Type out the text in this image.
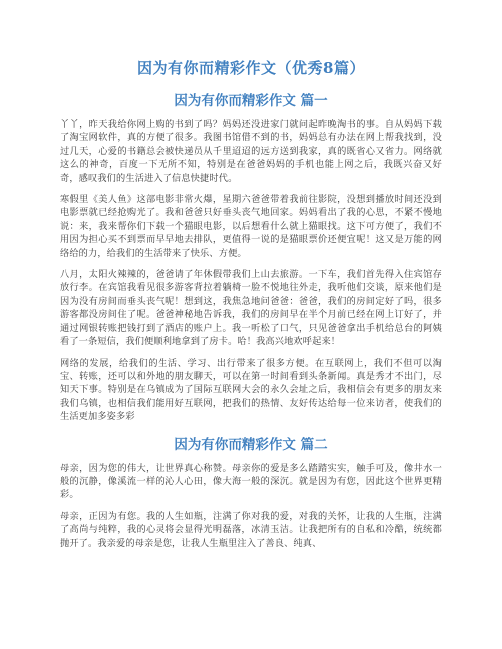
因为有你而精彩作文（优秀8篇）
因为有你而精彩作文 篇一

丫丫，昨天我给你网上购的书到了吗？妈妈还没进家门就问起昨晚淘书的事。自从妈妈下载了淘宝网软件，真的方便了很多。我图书馆借不到的书，妈妈总有办法在网上帮我找到，没过几天，心爱的书籍总会被快递员从千里迢迢的远方送到我家，真的既省心又省力。网络就这么的神奇，百度一下无所不知，特别是在爸爸妈妈的手机也能上网之后，我既兴奋又好奇，感叹我们的生活进入了信息快捷时代。

寒假里《美人鱼》这部电影非常火爆，星期六爸爸带着我前往影院，没想到播放时间还没到电影票就已经抢购光了。我和爸爸只好垂头丧气地回家。妈妈看出了我的心思，不紧不慢地说：来，我来帮你们下载一个猫眼电影，以后想看什么就上猫眼找。这下可方便了，我们不用因为担心买不到票而早早地去排队，更值得一说的是猫眼票价还便宜呢！这又是万能的网络给的力，给我们的生活带来了快乐、方便。

八月，太阳火辣辣的，爸爸请了年休假带我们上山去旅游。一下车，我们首先得入住宾馆存放行李。在宾馆我看见很多游客背拉着躺椅一脸不悦地往外走，我听他们交谈，原来他们是因为没有房间而垂头丧气呢！想到这，我焦急地问爸爸：爸爸，我们的房间定好了吗，很多游客都没房间住了呢。爸爸神秘地告诉我，我们的房间早在半个月前已经在网上订好了，并通过网银转账把钱打到了酒店的账户上。我一听松了口气，只见爸爸拿出手机给总台的阿姨看了一条短信，我们便顺利地拿到了房卡。哈！我高兴地欢呼起来！

网络的发展，给我们的生活、学习、出行带来了很多方便。在互联网上，我们不但可以淘宝、转账，还可以和外地的朋友聊天，可以在第一时间看到头条新闻。真是秀才不出门，尽知天下事。特别是在乌镇成为了国际互联网大会的永久会址之后，我相信会有更多的朋友来我们乌镇，也相信我们能用好互联网，把我们的热情、友好传达给每一位来访者，使我们的生活更加多姿多彩

因为有你而精彩作文 篇二

母亲，因为您的伟大，让世界真心称赞。母亲你的爱是多么踏踏实实，触手可及，像井水一般的沉静，像溪流一样的沁人心田，像大海一般的深沉。就是因为有您，因此这个世界更精彩。

母亲，正因为有您。我的人生如瓶，注满了你对我的爱，对我的关怀，让我的人生瓶，注满了高尚与纯粹，我的心灵将会显得光明磊落，冰清玉洁。让我把所有的自私和冷酷，统统都抛开了。我亲爱的母亲是您，让我人生瓶里注入了善良、纯真、
